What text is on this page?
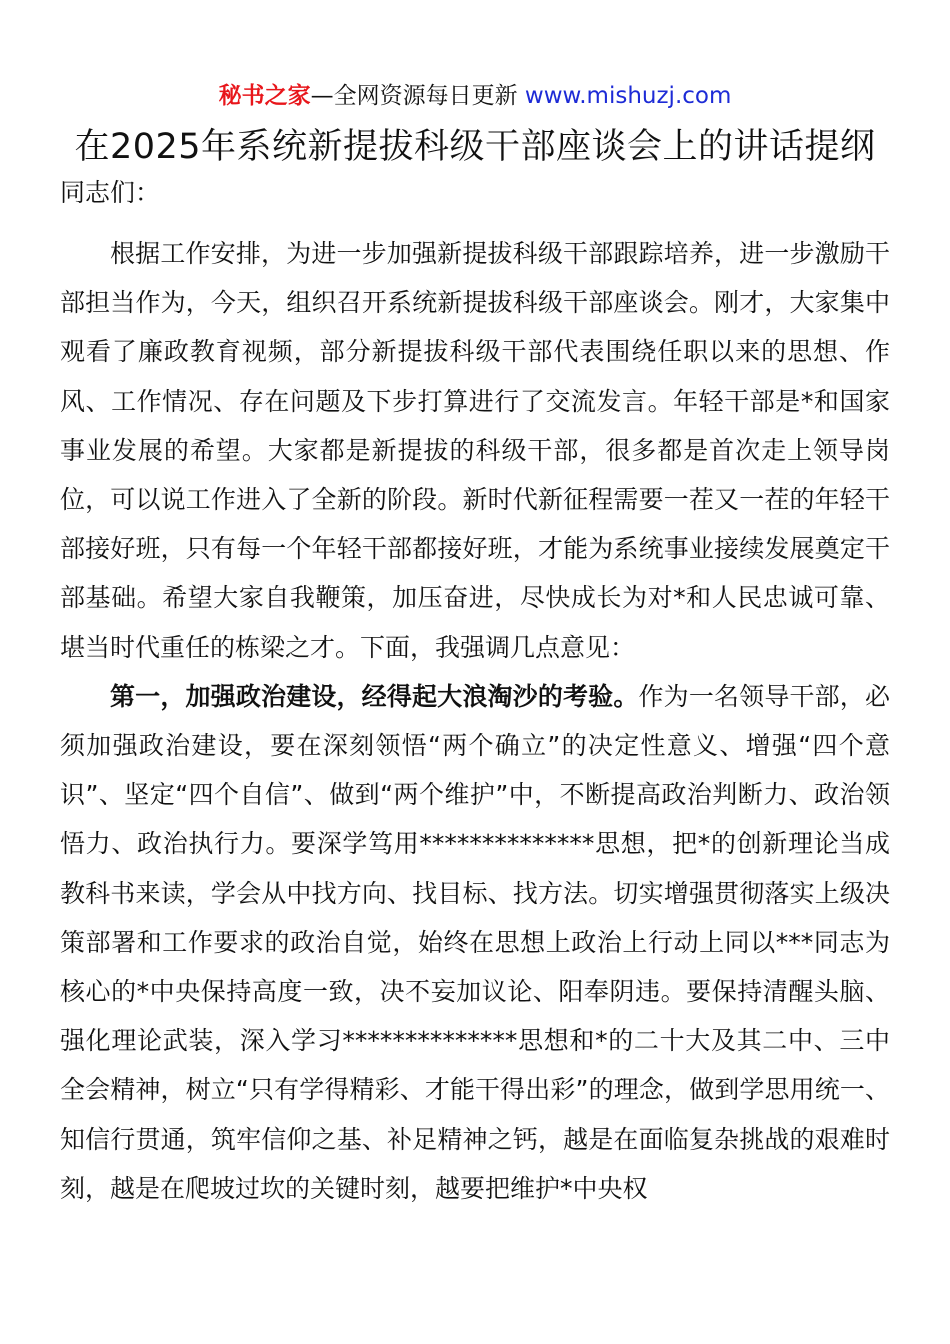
秘书之家—全网资源每日更新 www.mishuzj.com
在2025年系统新提拔科级干部座谈会上的讲话提纲

同志们：

根据工作安排，为进一步加强新提拔科级干部跟踪培养，进一步激励干部担当作为，今天，组织召开系统新提拔科级干部座谈会。刚才，大家集中观看了廉政教育视频，部分新提拔科级干部代表围绕任职以来的思想、作风、工作情况、存在问题及下步打算进行了交流发言。年轻干部是*和国家事业发展的希望。大家都是新提拔的科级干部，很多都是首次走上领导岗位，可以说工作进入了全新的阶段。新时代新征程需要一茬又一茬的年轻干部接好班，只有每一个年轻干部都接好班，才能为系统事业接续发展奠定干部基础。希望大家自我鞭策，加压奋进，尽快成长为对*和人民忠诚可靠、堪当时代重任的栋梁之才。下面，我强调几点意见：

第一，加强政治建设，经得起大浪淘沙的考验。作为一名领导干部，必须加强政治建设，要在深刻领悟“两个确立”的决定性意义、增强“四个意识”、坚定“四个自信”、做到“两个维护”中，不断提高政治判断力、政治领悟力、政治执行力。要深学笃用**************思想，把*的创新理论当成教科书来读，学会从中找方向、找目标、找方法。切实增强贯彻落实上级决策部署和工作要求的政治自觉，始终在思想上政治上行动上同以***同志为核心的*中央保持高度一致，决不妄加议论、阳奉阴违。要保持清醒头脑、强化理论武装，深入学习**************思想和*的二十大及其二中、三中全会精神，树立“只有学得精彩、才能干得出彩”的理念，做到学思用统一、知信行贯通，筑牢信仰之基、补足精神之钙，越是在面临复杂挑战的艰难时刻，越是在爬坡过坎的关键时刻，越要把维护*中央权
